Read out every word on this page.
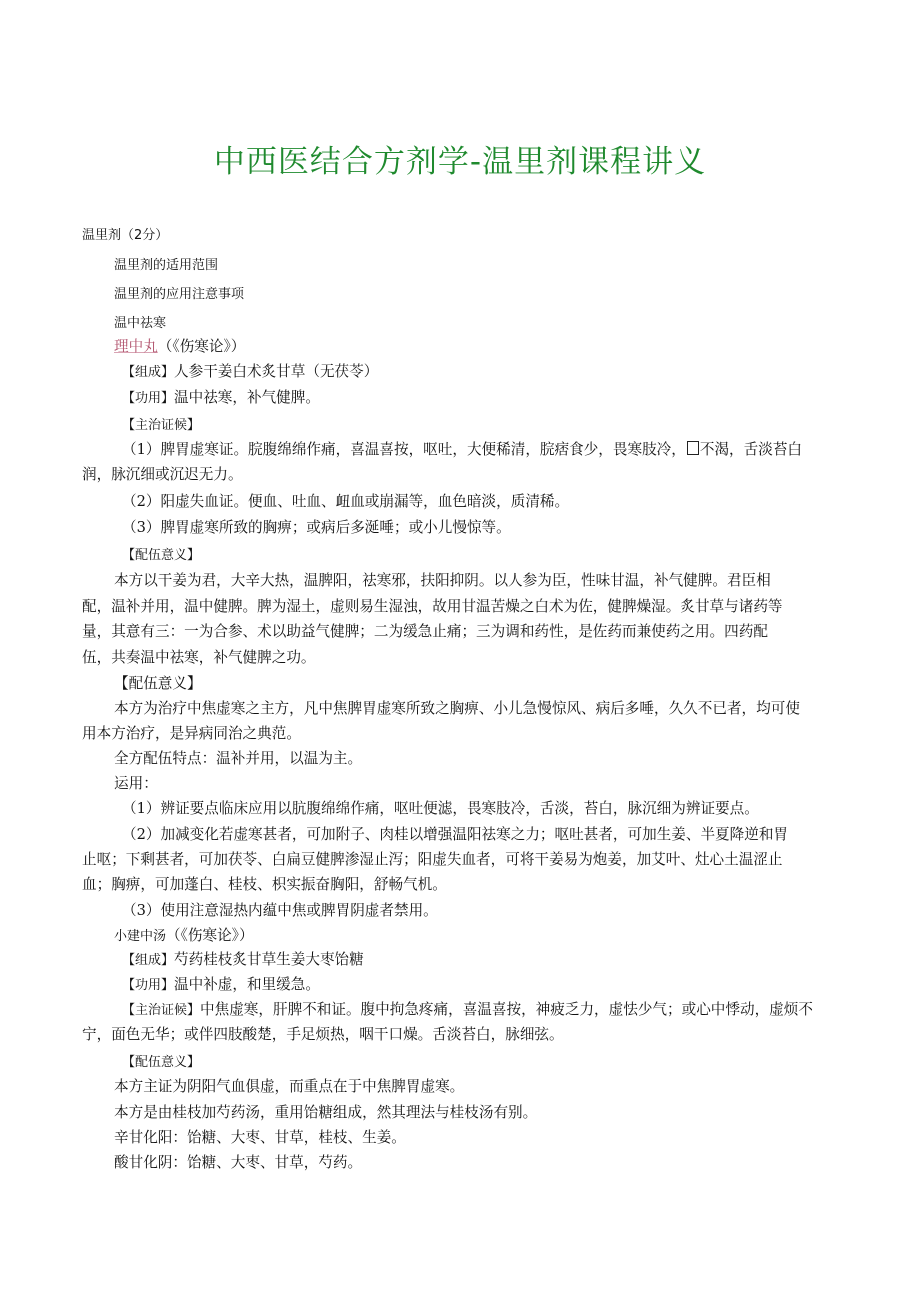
中西医结合方剂学-温里剂课程讲义

温里剂（2分）

温里剂的适用范围

温里剂的应用注意事项

温中祛寒

理中丸（《伤寒论》）

【组成】人参干姜白术炙甘草（无茯苓）

【功用】温中祛寒，补气健脾。

【主治证候】

（1）脾胃虚寒证。脘腹绵绵作痛，喜温喜按，呕吐，大便稀清，脘痞食少，畏寒肢冷， 不渴，舌淡苔白

润，脉沉细或沉迟无力。

（2）阳虚失血证。便血、吐血、衄血或崩漏等，血色暗淡，质清稀。

（3）脾胃虚寒所致的胸痹；或病后多涎唾；或小儿慢惊等。

【配伍意义】

本方以干姜为君，大辛大热，温脾阳，祛寒邪，扶阳抑阴。以人参为臣，性味甘温，补气健脾。君臣相

配，温补并用，温中健脾。脾为湿土，虚则易生湿浊，故用甘温苦燥之白术为佐，健脾燥湿。炙甘草与诸药等

量，其意有三：一为合参、术以助益气健脾；二为缓急止痛；三为调和药性，是佐药而兼使药之用。四药配

伍，共奏温中祛寒，补气健脾之功。

【配伍意义】

本方为治疗中焦虚寒之主方，凡中焦脾胃虚寒所致之胸痹、小儿急慢惊风、病后多唾，久久不已者，均可使

用本方治疗，是异病同治之典范。

全方配伍特点：温补并用，以温为主。

运用：

（1）辨证要点临床应用以肮腹绵绵作痛，呕吐便滤，畏寒肢冷，舌淡，苔白，脉沉细为辨证要点。

（2）加减变化若虚寒甚者，可加附子、肉桂以增强温阳祛寒之力；呕吐甚者，可加生姜、半夏降逆和胃

止呕；下剩甚者，可加茯苓、白扁豆健脾渗湿止泻；阳虚失血者，可将干姜易为炮姜，加艾叶、灶心土温涩止

血；胸痹，可加蓬白、桂枝、枳实振奋胸阳，舒畅气机。

（3）使用注意湿热内蕴中焦或脾胃阴虚者禁用。

小建中汤（《伤寒论》）

【组成】芍药桂枝炙甘草生姜大枣饴糖

【功用】温中补虚，和里缓急。

【主治证候】中焦虚寒，肝脾不和证。腹中拘急疼痛，喜温喜按，神疲乏力，虚怯少气；或心中悸动，虚烦不

宁，面色无华；或伴四肢酸楚，手足烦热，咽干口燥。舌淡苔白，脉细弦。

【配伍意义】

本方主证为阴阳气血俱虚，而重点在于中焦脾胃虚寒。

本方是由桂枝加芍药汤，重用饴糖组成，然其理法与桂枝汤有别。

辛甘化阳：饴糖、大枣、甘草，桂枝、生姜。

酸甘化阴：饴糖、大枣、甘草，芍药。
